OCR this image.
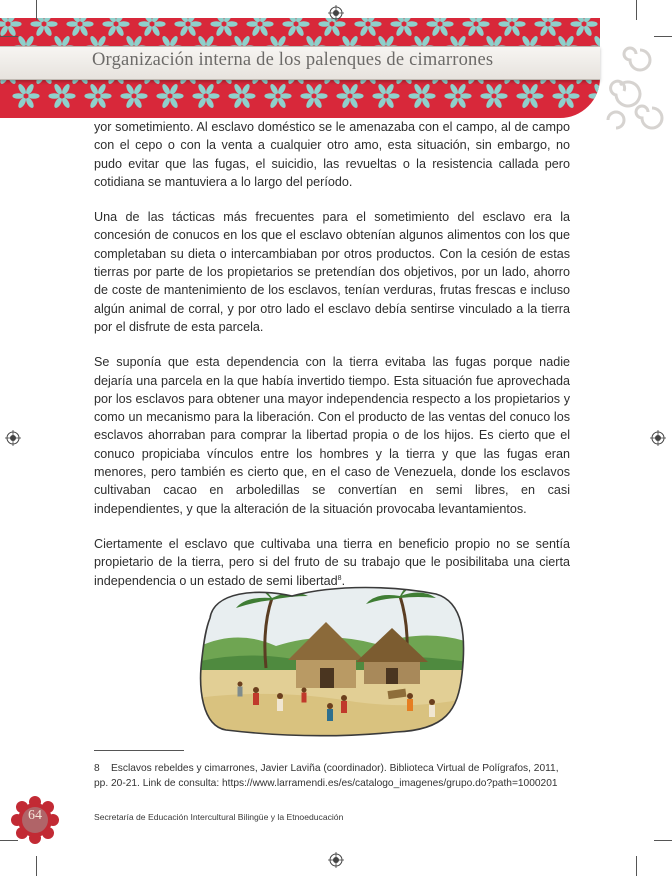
Organización interna de los palenques de cimarrones

yor sometimiento. Al esclavo doméstico se le amenazaba con el campo, al de campo con el cepo o con la venta a cualquier otro amo, esta situación, sin embargo, no pudo evitar que las fugas, el suicidio, las revueltas o la resistencia callada pero cotidiana se mantuviera a lo largo del período.

Una de las tácticas más frecuentes para el sometimiento del esclavo era la concesión de conucos en los que el esclavo obtenían algunos alimentos con los que completaban su dieta o intercambiaban por otros productos. Con la cesión de estas tierras por parte de los propietarios se pretendían dos objetivos, por un lado, ahorro de coste de mantenimiento de los esclavos, tenían verduras, frutas frescas e incluso algún animal de corral, y por otro lado el esclavo debía sentirse vinculado a la tierra por el disfrute de esta parcela.

Se suponía que esta dependencia con la tierra evitaba las fugas porque nadie dejaría una parcela en la que había invertido tiempo. Esta situación fue aprovechada por los esclavos para obtener una mayor independencia respecto a los propietarios y como un mecanismo para la liberación. Con el producto de las ventas del conuco los esclavos ahorraban para comprar la libertad propia o de los hijos. Es cierto que el conuco propiciaba vínculos entre los hombres y la tierra y que las fugas eran menores, pero también es cierto que, en el caso de Venezuela, donde los esclavos cultivaban cacao en arboledillas se convertían en semi libres, en casi independientes, y que la alteración de la situación provocaba levantamientos.

Ciertamente el esclavo que cultivaba una tierra en beneficio propio no se sentía propietario de la tierra, pero si del fruto de su trabajo que le posibilitaba una cierta independencia o un estado de semi libertad$^8$.

8 Esclavos rebeldes y cimarrones, Javier Laviña (coordinador). Biblioteca Virtual de Polígrafos, 2011, pp. 20-21. Link de consulta: https://www.larramendi.es/es/catalogo_imagenes/grupo.do?path=1000201
64	Secretaría de Educación Intercultural Bilingüe y la Etnoeducación
